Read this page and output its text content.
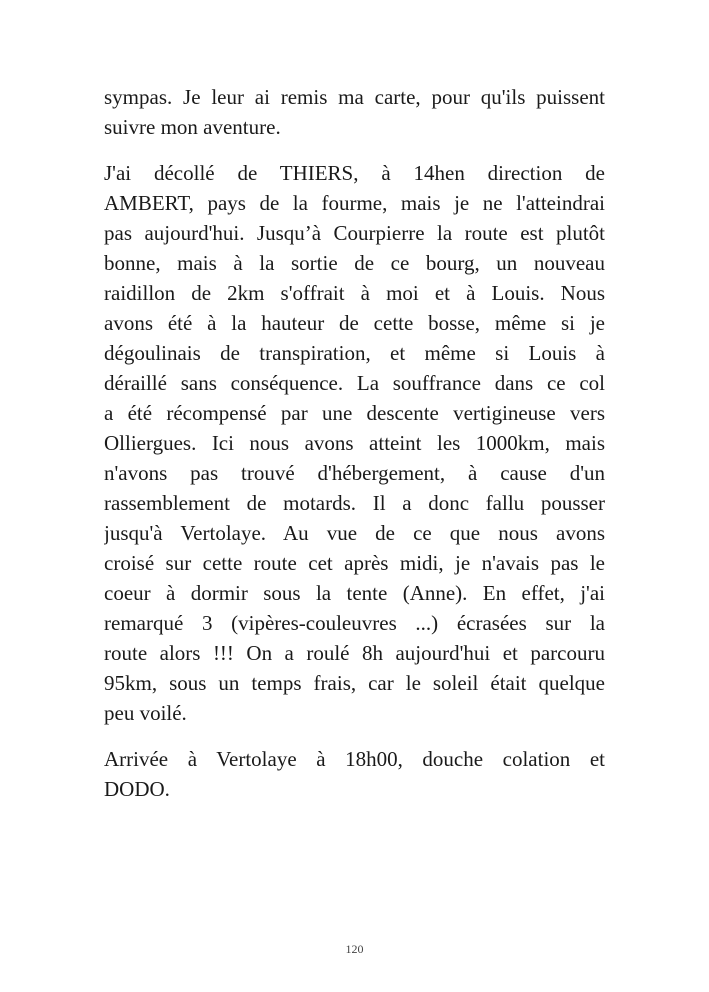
sympas. Je leur ai remis ma carte, pour qu'ils puissent
suivre mon aventure.
J'ai décollé de THIERS, à 14hen direction de
AMBERT, pays de la fourme, mais je ne l'atteindrai
pas aujourd'hui. Jusqu’à Courpierre la route est plutôt
bonne, mais à la sortie de ce bourg, un nouveau
raidillon de 2km s'offrait à moi et à Louis. Nous
avons été à la hauteur de cette bosse, même si je
dégoulinais de transpiration, et même si Louis à
déraillé sans conséquence. La souffrance dans ce col
a été récompensé par une descente vertigineuse vers
Olliergues. Ici nous avons atteint les 1000km, mais
n'avons pas trouvé d'hébergement, à cause d'un
rassemblement de motards. Il a donc fallu pousser
jusqu'à Vertolaye. Au vue de ce que nous avons
croisé sur cette route cet après midi, je n'avais pas le
coeur à dormir sous la tente (Anne). En effet, j'ai
remarqué 3 (vipères-couleuvres ...) écrasées sur la
route alors !!! On a roulé 8h aujourd'hui et parcouru
95km, sous un temps frais, car le soleil était quelque
peu voilé.
Arrivée à Vertolaye à 18h00, douche colation et
DODO.
120
